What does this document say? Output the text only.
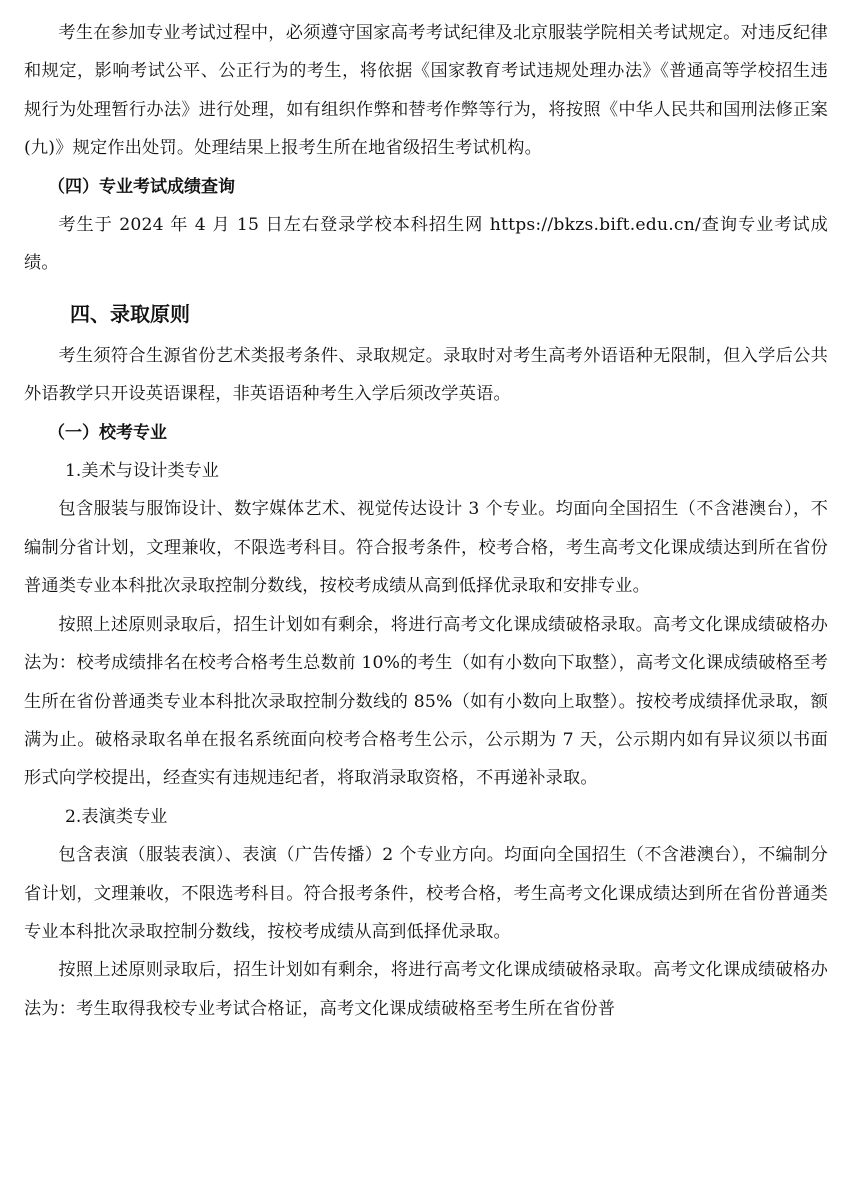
考生在参加专业考试过程中，必须遵守国家高考考试纪律及北京服装学院相关考试规定。对违反纪律和规定，影响考试公平、公正行为的考生，将依据《国家教育考试违规处理办法》《普通高等学校招生违规行为处理暂行办法》进行处理，如有组织作弊和替考作弊等行为，将按照《中华人民共和国刑法修正案(九)》规定作出处罚。处理结果上报考生所在地省级招生考试机构。

（四）专业考试成绩查询

考生于 2024 年 4 月 15 日左右登录学校本科招生网 https://bkzs.bift.edu.cn/查询专业考试成绩。

四、录取原则

考生须符合生源省份艺术类报考条件、录取规定。录取时对考生高考外语语种无限制，但入学后公共外语教学只开设英语课程，非英语语种考生入学后须改学英语。

（一）校考专业

1.美术与设计类专业

包含服装与服饰设计、数字媒体艺术、视觉传达设计 3 个专业。均面向全国招生（不含港澳台），不编制分省计划，文理兼收，不限选考科目。符合报考条件，校考合格，考生高考文化课成绩达到所在省份普通类专业本科批次录取控制分数线，按校考成绩从高到低择优录取和安排专业。

按照上述原则录取后，招生计划如有剩余，将进行高考文化课成绩破格录取。高考文化课成绩破格办法为：校考成绩排名在校考合格考生总数前 10%的考生（如有小数向下取整），高考文化课成绩破格至考生所在省份普通类专业本科批次录取控制分数线的 85%（如有小数向上取整）。按校考成绩择优录取，额满为止。破格录取名单在报名系统面向校考合格考生公示，公示期为 7 天，公示期内如有异议须以书面形式向学校提出，经查实有违规违纪者，将取消录取资格，不再递补录取。

2.表演类专业

包含表演（服装表演）、表演（广告传播）2 个专业方向。均面向全国招生（不含港澳台），不编制分省计划，文理兼收，不限选考科目。符合报考条件，校考合格，考生高考文化课成绩达到所在省份普通类专业本科批次录取控制分数线，按校考成绩从高到低择优录取。

按照上述原则录取后，招生计划如有剩余，将进行高考文化课成绩破格录取。高考文化课成绩破格办法为：考生取得我校专业考试合格证，高考文化课成绩破格至考生所在省份普
